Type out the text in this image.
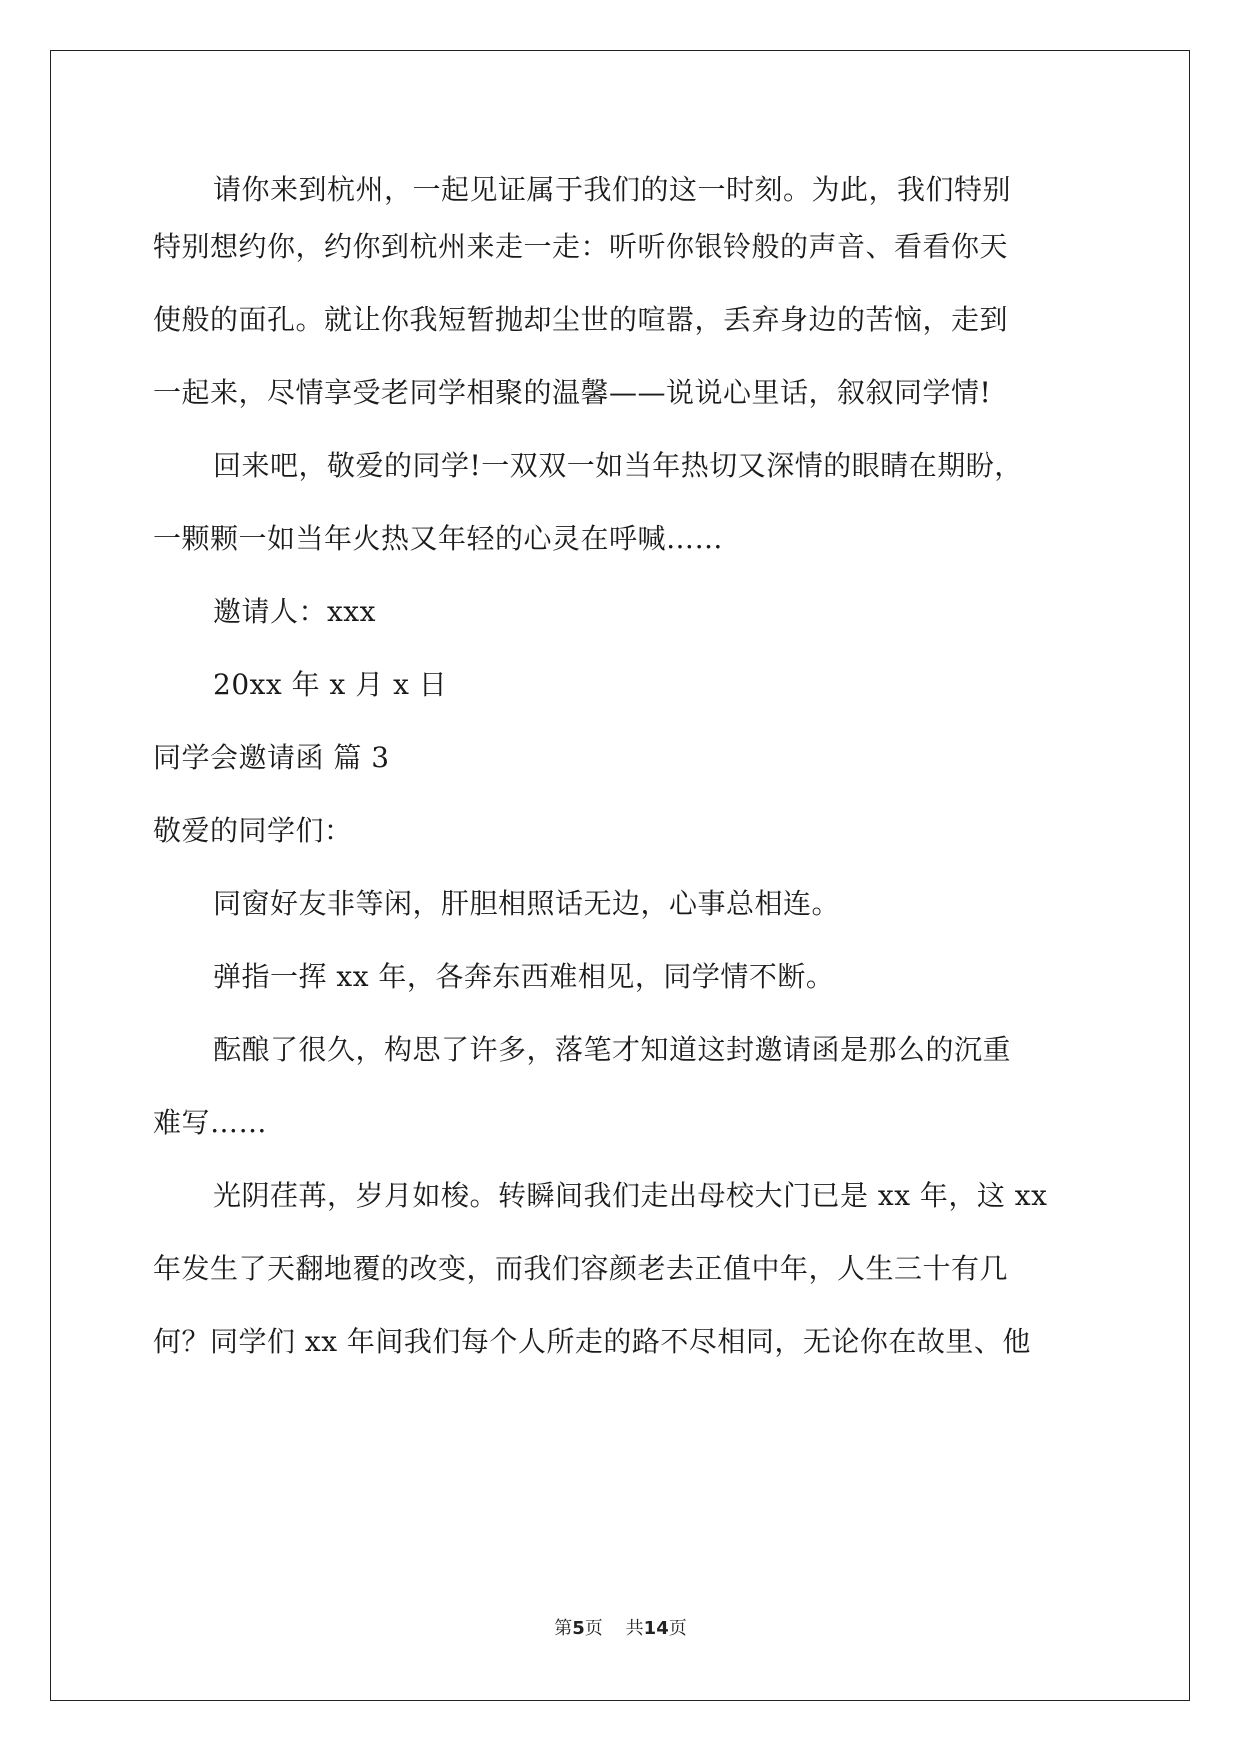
请你来到杭州，一起见证属于我们的这一时刻。为此，我们特别
特别想约你，约你到杭州来走一走：听听你银铃般的声音、看看你天
使般的面孔。就让你我短暂抛却尘世的喧嚣，丢弃身边的苦恼，走到
一起来，尽情享受老同学相聚的温馨——说说心里话，叙叙同学情!
回来吧，敬爱的同学!一双双一如当年热切又深情的眼睛在期盼，
一颗颗一如当年火热又年轻的心灵在呼喊……
邀请人：xxx
20xx 年 x 月 x 日
同学会邀请函 篇 3
敬爱的同学们：
同窗好友非等闲，肝胆相照话无边，心事总相连。
弹指一挥 xx 年，各奔东西难相见，同学情不断。
酝酿了很久，构思了许多，落笔才知道这封邀请函是那么的沉重
难写……
光阴荏苒，岁月如梭。转瞬间我们走出母校大门已是 xx 年，这 xx
年发生了天翻地覆的改变，而我们容颜老去正值中年，人生三十有几
何？同学们 xx 年间我们每个人所走的路不尽相同，无论你在故里、他
第5页 共14页
